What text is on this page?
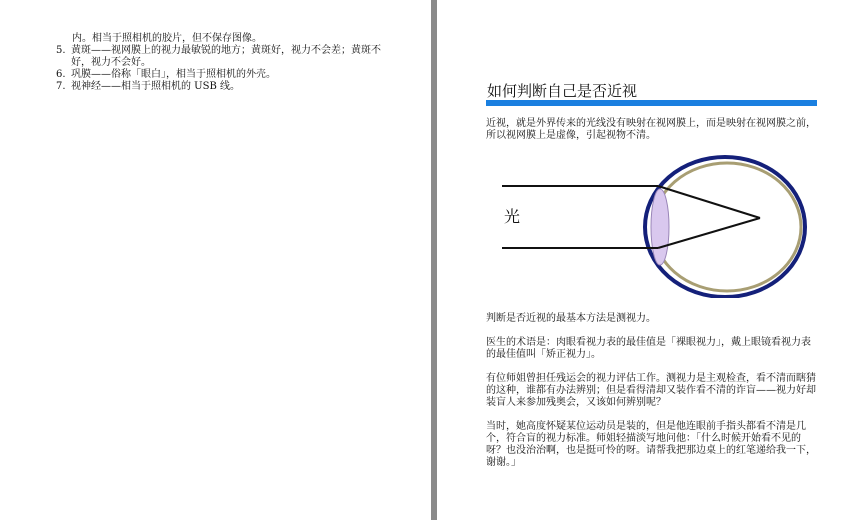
内。相当于照相机的胶片，但不保存图像。
5. 黄斑——视网膜上的视力最敏锐的地方；黄斑好，视力不会差；黄斑不好，视力不会好。
6. 巩膜——俗称「眼白」，相当于照相机的外壳。
7. 视神经——相当于照相机的 USB 线。	如何判断自己是否近视

近视，就是外界传来的光线没有映射在视网膜上，而是映射在视网膜之前，所以视网膜上是虚像，引起视物不清。

光

判断是否近视的最基本方法是测视力。

医生的术语是：肉眼看视力表的最佳值是「裸眼视力」，戴上眼镜看视力表的最佳值叫「矫正视力」。

有位师姐曾担任残运会的视力评估工作。测视力是主观检查，看不清而瞎猜的这种，谁都有办法辨别；但是看得清却又装作看不清的诈盲——视力好却装盲人来参加残奥会，又该如何辨别呢？

当时，她高度怀疑某位运动员是装的，但是他连眼前手指头都看不清是几个，符合盲的视力标准。师姐轻描淡写地问他：「什么时候开始看不见的呀？也没治治啊，也是挺可怜的呀。请帮我把那边桌上的红笔递给我一下，谢谢。」
